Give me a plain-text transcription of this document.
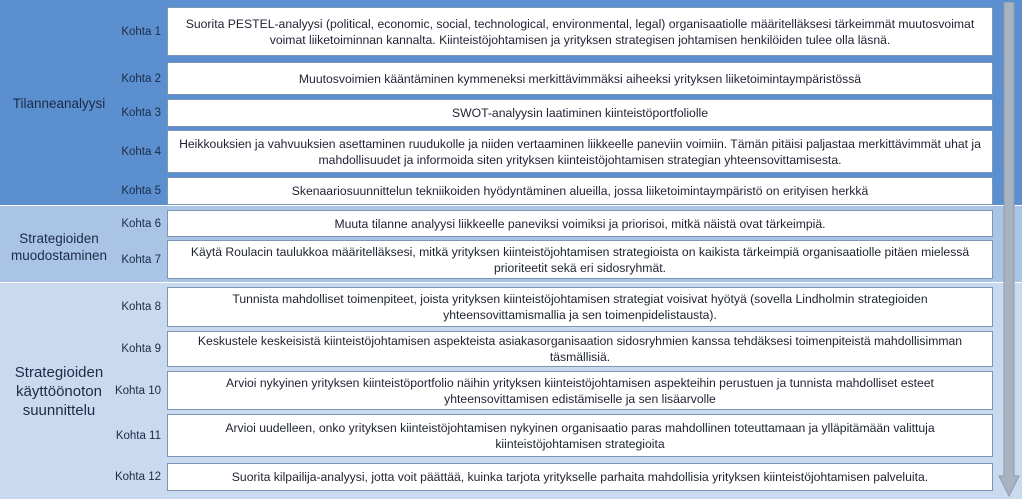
Tilanneanalyysi
Strategioiden muodostaminen
Strategioiden käyttöönoton suunnittelu
Kohta 1
Kohta 2
Kohta 3
Kohta 4
Kohta 5
Kohta 6
Kohta 7
Kohta 8
Kohta 9
Kohta 10
Kohta 11
Kohta 12
Suorita PESTEL-analyysi (political, economic, social, technological, environmental, legal) organisaatiolle määritelläksesi tärkeimmät muutosvoimat voimat liiketoiminnan kannalta. Kiinteistöjohtamisen ja yrityksen strategisen johtamisen henkilöiden tulee olla läsnä.
Muutosvoimien kääntäminen kymmeneksi merkittävimmäksi aiheeksi yrityksen liiketoimintaympäristössä
SWOT-analyysin laatiminen kiinteistöportfoliolle
Heikkouksien ja vahvuuksien asettaminen ruudukolle ja niiden vertaaminen liikkeelle paneviin voimiin. Tämän pitäisi paljastaa merkittävimmät uhat ja mahdollisuudet ja informoida siten yrityksen kiinteistöjohtamisen strategian yhteensovittamisesta.
Skenaariosuunnittelun tekniikoiden hyödyntäminen alueilla, jossa liiketoimintaympäristö on erityisen herkkä
Muuta tilanne analyysi liikkeelle paneviksi voimiksi ja priorisoi, mitkä näistä ovat tärkeimpiä.
Käytä Roulacin taulukkoa määritelläksesi, mitkä yrityksen kiinteistöjohtamisen strategioista on kaikista tärkeimpiä organisaatiolle pitäen mielessä prioriteetit sekä eri sidosryhmät.
Tunnista mahdolliset toimenpiteet, joista yrityksen kiinteistöjohtamisen strategiat voisivat hyötyä (sovella Lindholmin strategioiden yhteensovittamismallia ja sen toimenpidelistausta).
Keskustele keskeisistä kiinteistöjohtamisen aspekteista asiakasorganisaation sidosryhmien kanssa tehdäksesi toimenpiteistä mahdollisimman täsmällisiä.
Arvioi nykyinen yrityksen kiinteistöportfolio näihin yrityksen kiinteistöjohtamisen aspekteihin perustuen ja tunnista mahdolliset esteet yhteensovittamisen edistämiselle ja sen lisäarvolle
Arvioi uudelleen, onko yrityksen kiinteistöjohtamisen nykyinen organisaatio paras mahdollinen toteuttamaan ja ylläpitämään valittuja kiinteistöjohtamisen strategioita
Suorita kilpailija-analyysi, jotta voit päättää, kuinka tarjota yritykselle parhaita mahdollisia yrityksen kiinteistöjohtamisen palveluita.
